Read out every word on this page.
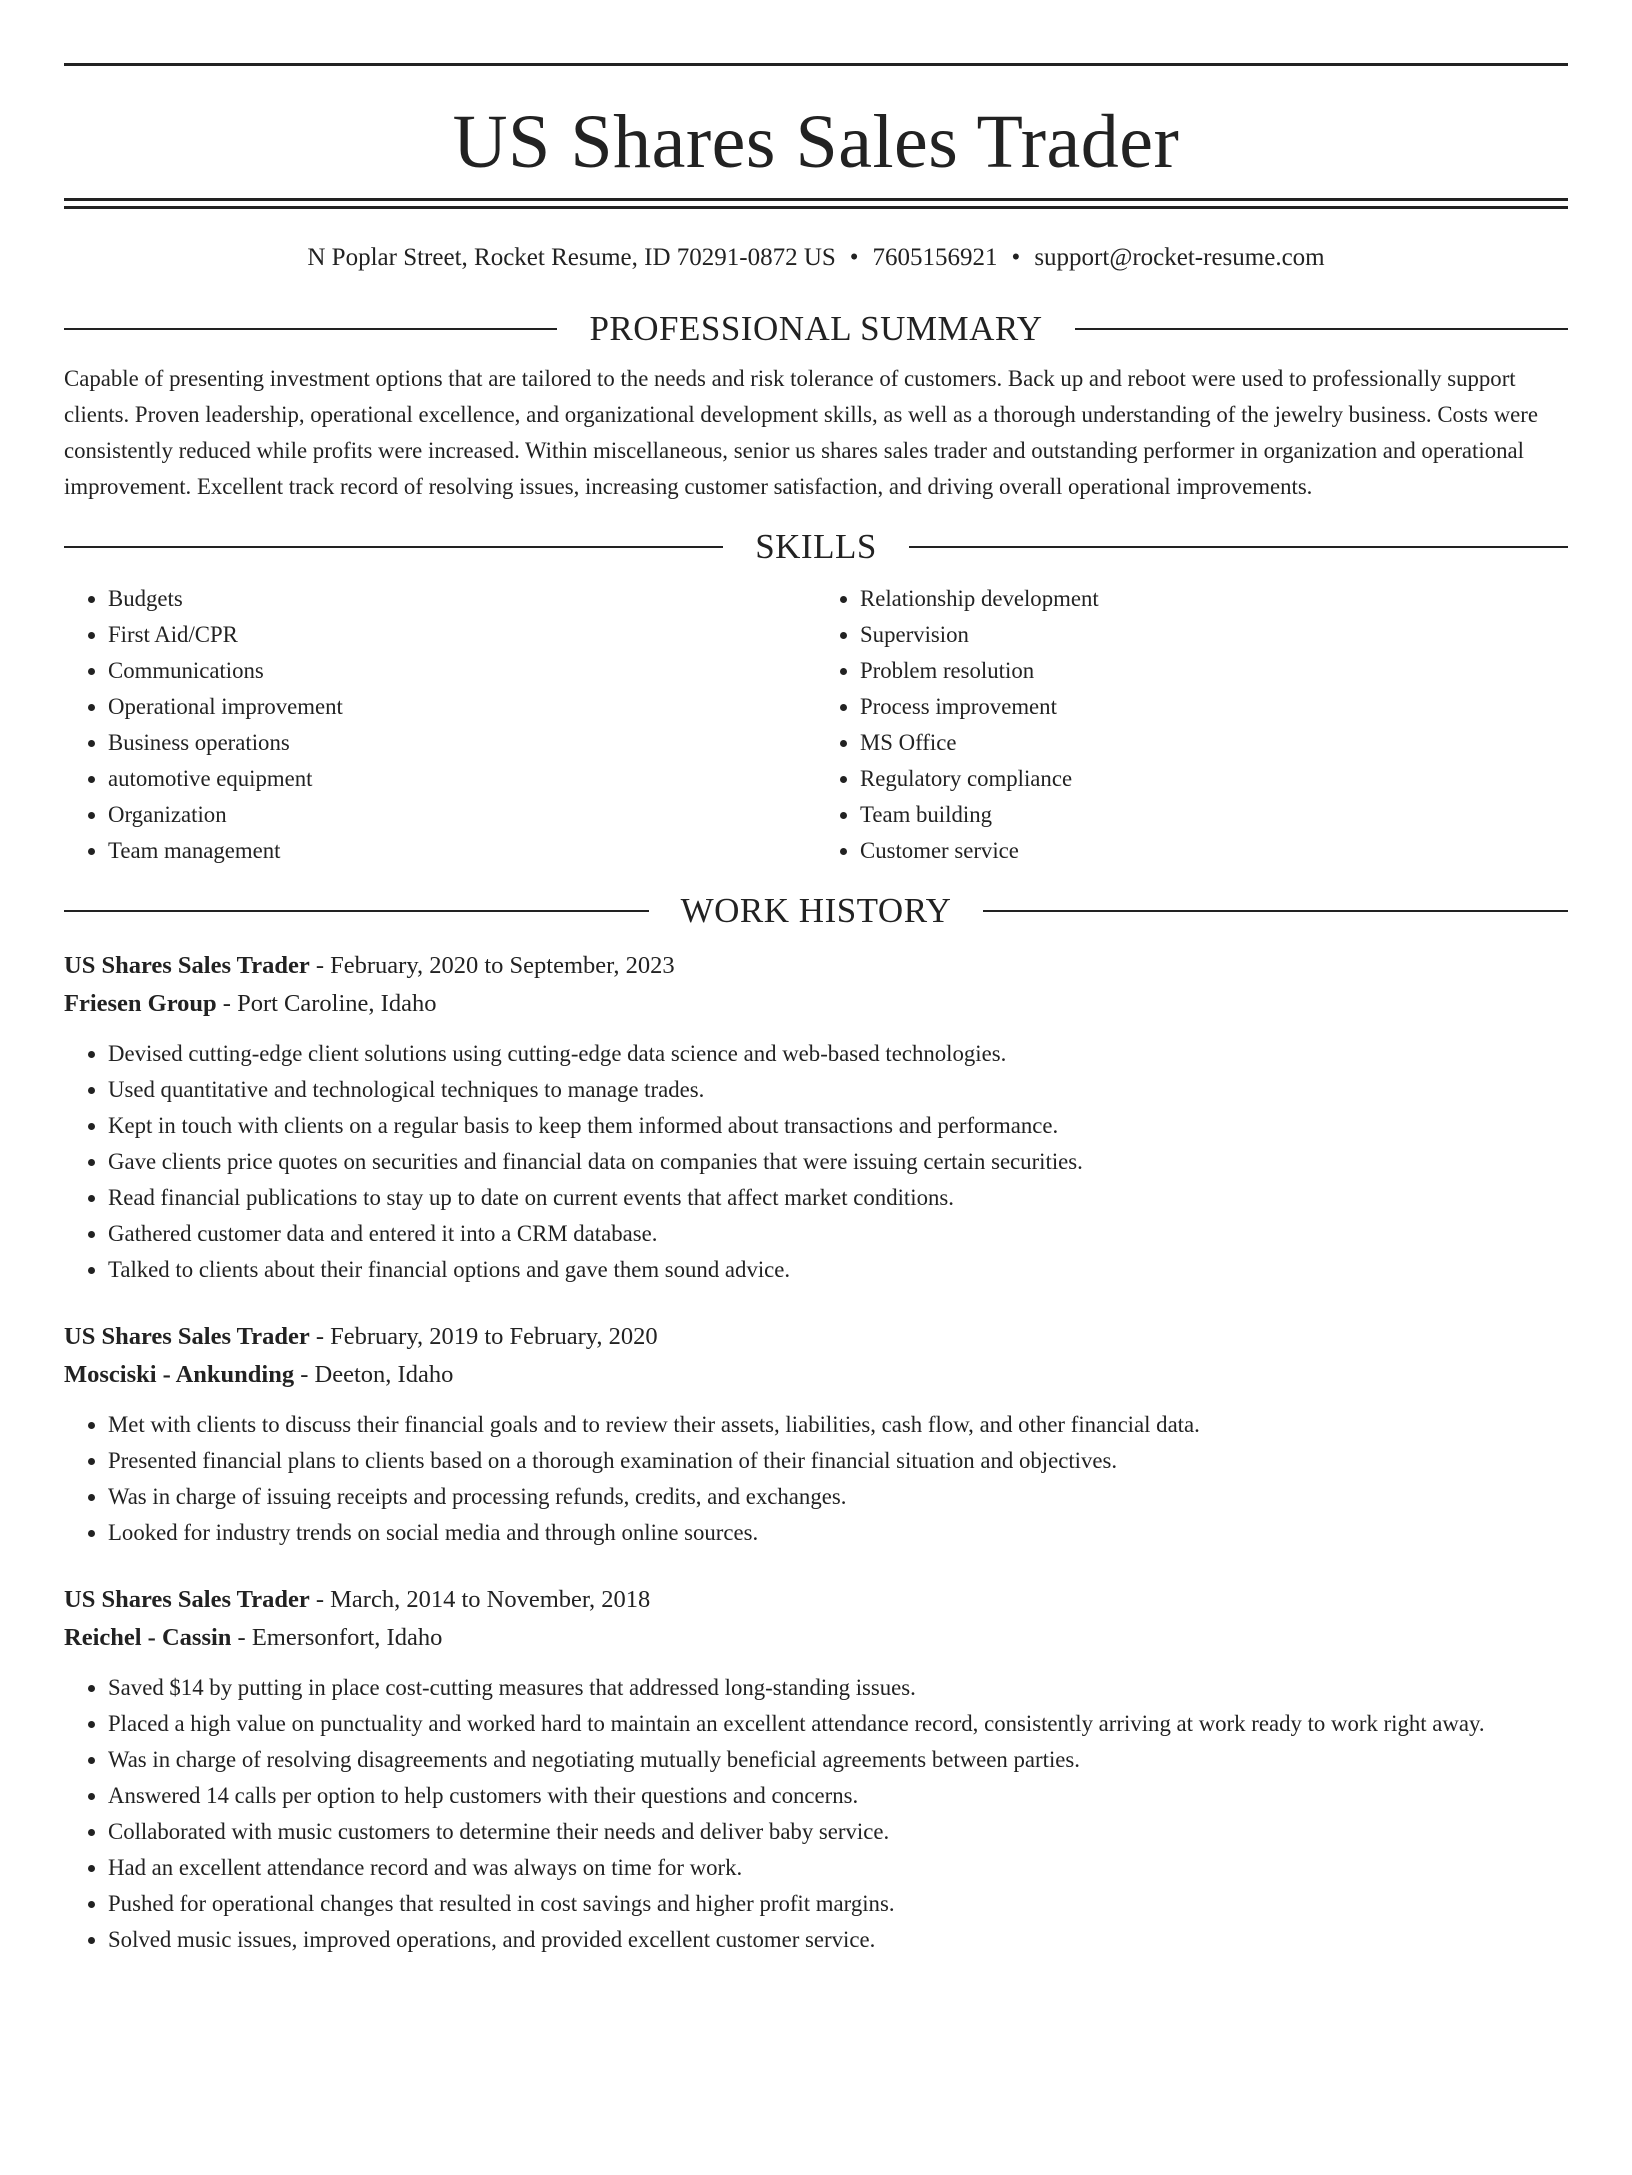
US Shares Sales Trader
N Poplar Street, Rocket Resume, ID 70291-0872 US • 7605156921 • support@rocket-resume.com
PROFESSIONAL SUMMARY

Capable of presenting investment options that are tailored to the needs and risk tolerance of customers. Back up and reboot were used to professionally support clients. Proven leadership, operational excellence, and organizational development skills, as well as a thorough understanding of the jewelry business. Costs were consistently reduced while profits were increased. Within miscellaneous, senior us shares sales trader and outstanding performer in organization and operational improvement. Excellent track record of resolving issues, increasing customer satisfaction, and driving overall operational improvements.

SKILLS
• Budgets
• First Aid/CPR
• Communications
• Operational improvement
• Business operations
• automotive equipment
• Organization
• Team management
• Relationship development
• Supervision
• Problem resolution
• Process improvement
• MS Office
• Regulatory compliance
• Team building
• Customer service
WORK HISTORY
US Shares Sales Trader - February, 2020 to September, 2023
Friesen Group - Port Caroline, Idaho
• Devised cutting-edge client solutions using cutting-edge data science and web-based technologies.
• Used quantitative and technological techniques to manage trades.
• Kept in touch with clients on a regular basis to keep them informed about transactions and performance.
• Gave clients price quotes on securities and financial data on companies that were issuing certain securities.
• Read financial publications to stay up to date on current events that affect market conditions.
• Gathered customer data and entered it into a CRM database.
• Talked to clients about their financial options and gave them sound advice.
US Shares Sales Trader - February, 2019 to February, 2020
Mosciski - Ankunding - Deeton, Idaho
• Met with clients to discuss their financial goals and to review their assets, liabilities, cash flow, and other financial data.
• Presented financial plans to clients based on a thorough examination of their financial situation and objectives.
• Was in charge of issuing receipts and processing refunds, credits, and exchanges.
• Looked for industry trends on social media and through online sources.
US Shares Sales Trader - March, 2014 to November, 2018
Reichel - Cassin - Emersonfort, Idaho
• Saved $14 by putting in place cost-cutting measures that addressed long-standing issues.
• Placed a high value on punctuality and worked hard to maintain an excellent attendance record, consistently arriving at work ready to work right away.
• Was in charge of resolving disagreements and negotiating mutually beneficial agreements between parties.
• Answered 14 calls per option to help customers with their questions and concerns.
• Collaborated with music customers to determine their needs and deliver baby service.
• Had an excellent attendance record and was always on time for work.
• Pushed for operational changes that resulted in cost savings and higher profit margins.
• Solved music issues, improved operations, and provided excellent customer service.
